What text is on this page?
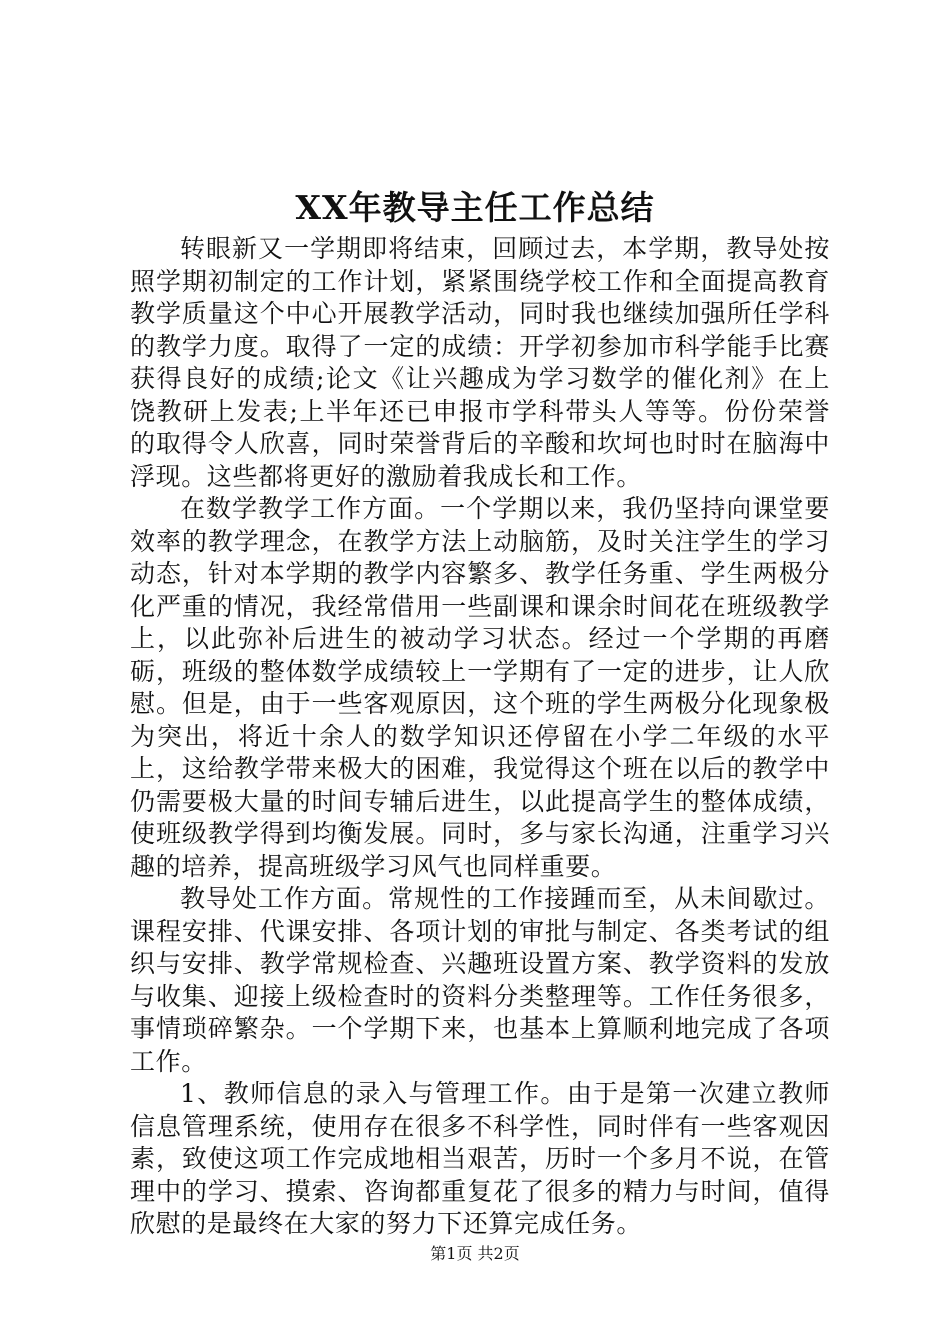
XX年教导主任工作总结

转眼新又一学期即将结束，回顾过去，本学期，教导处按照学期初制定的工作计划，紧紧围绕学校工作和全面提高教育教学质量这个中心开展教学活动，同时我也继续加强所任学科的教学力度。取得了一定的成绩：开学初参加市科学能手比赛获得良好的成绩;论文《让兴趣成为学习数学的催化剂》在上饶教研上发表;上半年还已申报市学科带头人等等。份份荣誉的取得令人欣喜，同时荣誉背后的辛酸和坎坷也时时在脑海中浮现。这些都将更好的激励着我成长和工作。

在数学教学工作方面。一个学期以来，我仍坚持向课堂要效率的教学理念，在教学方法上动脑筋，及时关注学生的学习动态，针对本学期的教学内容繁多、教学任务重、学生两极分化严重的情况，我经常借用一些副课和课余时间花在班级教学上，以此弥补后进生的被动学习状态。经过一个学期的再磨砺，班级的整体数学成绩较上一学期有了一定的进步，让人欣慰。但是，由于一些客观原因，这个班的学生两极分化现象极为突出，将近十余人的数学知识还停留在小学二年级的水平上，这给教学带来极大的困难，我觉得这个班在以后的教学中仍需要极大量的时间专辅后进生，以此提高学生的整体成绩，使班级教学得到均衡发展。同时，多与家长沟通，注重学习兴趣的培养，提高班级学习风气也同样重要。

教导处工作方面。常规性的工作接踵而至，从未间歇过。课程安排、代课安排、各项计划的审批与制定、各类考试的组织与安排、教学常规检查、兴趣班设置方案、教学资料的发放与收集、迎接上级检查时的资料分类整理等。工作任务很多，事情琐碎繁杂。一个学期下来，也基本上算顺利地完成了各项工作。

1、教师信息的录入与管理工作。由于是第一次建立教师信息管理系统，使用存在很多不科学性，同时伴有一些客观因素，致使这项工作完成地相当艰苦，历时一个多月不说，在管理中的学习、摸索、咨询都重复花了很多的精力与时间，值得欣慰的是最终在大家的努力下还算完成任务。

第1页 共2页
